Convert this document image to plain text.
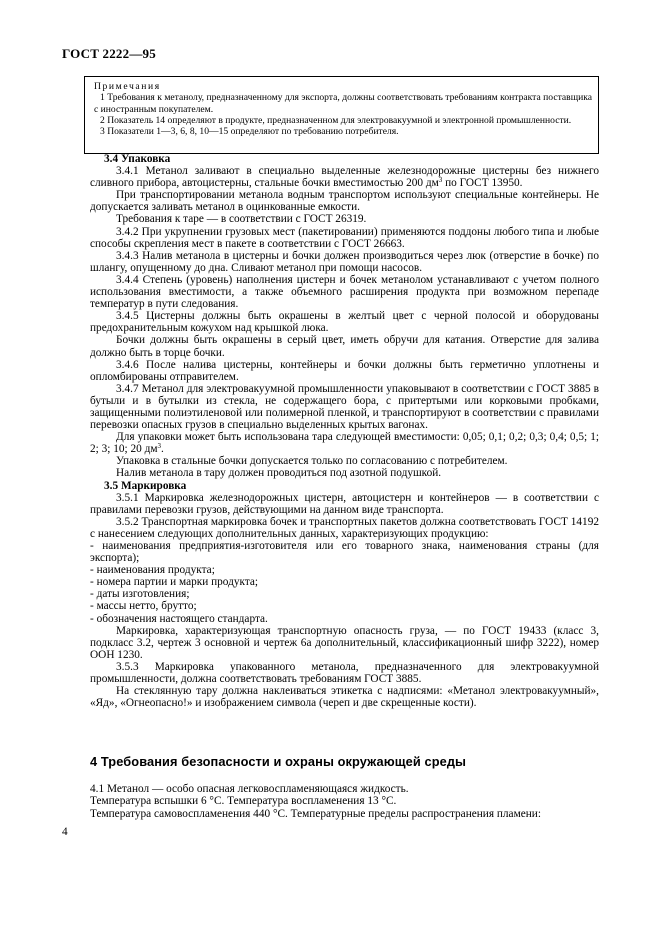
ГОСТ 2222—95
Примечания

1 Требования к метанолу, предназначенному для экспорта, должны соответствовать требованиям контракта поставщика с иностранным покупателем.

2 Показатель 14 определяют в продукте, предназначенном для электровакуумной и электронной промышленности.

3 Показатели 1—3, 6, 8, 10—15 определяют по требованию потребителя.

3.4 Упаковка

3.4.1 Метанол заливают в специально выделенные железнодорожные цистерны без нижнего сливного прибора, автоцистерны, стальные бочки вместимостью 200 $дм^3$ по ГОСТ 13950.

При транспортировании метанола водным транспортом используют специальные контейнеры. Не допускается заливать метанол в оцинкованные емкости.

Требования к таре — в соответствии с ГОСТ 26319.

3.4.2 При укрупнении грузовых мест (пакетировании) применяются поддоны любого типа и любые способы скрепления мест в пакете в соответствии с ГОСТ 26663.

3.4.3 Налив метанола в цистерны и бочки должен производиться через люк (отверстие в бочке) по шлангу, опущенному до дна. Сливают метанол при помощи насосов.

3.4.4 Степень (уровень) наполнения цистерн и бочек метанолом устанавливают с учетом полного использования вместимости, а также объемного расширения продукта при возможном перепаде температур в пути следования.

3.4.5 Цистерны должны быть окрашены в желтый цвет с черной полосой и оборудованы предохранительным кожухом над крышкой люка.

Бочки должны быть окрашены в серый цвет, иметь обручи для катания. Отверстие для залива должно быть в торце бочки.

3.4.6 После налива цистерны, контейнеры и бочки должны быть герметично уплотнены и опломбированы отправителем.

3.4.7 Метанол для электровакуумной промышленности упаковывают в соответствии с ГОСТ 3885 в бутыли и в бутылки из стекла, не содержащего бора, с притертыми или корковыми пробками, защищенными полиэтиленовой или полимерной пленкой, и транспортируют в соответствии с правилами перевозки опасных грузов в специально выделенных крытых вагонах.

Для упаковки может быть использована тара следующей вместимости: 0,05; 0,1; 0,2; 0,3; 0,4; 0,5; 1; 2; 3; 10; 20 $дм^3$.

Упаковка в стальные бочки допускается только по согласованию с потребителем.

Налив метанола в тару должен проводиться под азотной подушкой.

3.5 Маркировка

3.5.1 Маркировка железнодорожных цистерн, автоцистерн и контейнеров — в соответствии с правилами перевозки грузов, действующими на данном виде транспорта.

3.5.2 Транспортная маркировка бочек и транспортных пакетов должна соответствовать ГОСТ 14192 с нанесением следующих дополнительных данных, характеризующих продукцию:

- наименования предприятия-изготовителя или его товарного знака, наименования страны (для экспорта);

- наименования продукта;

- номера партии и марки продукта;

- даты изготовления;

- массы нетто, брутто;

- обозначения настоящего стандарта.

Маркировка, характеризующая транспортную опасность груза, — по ГОСТ 19433 (класс 3, подкласс 3.2, чертеж 3 основной и чертеж 6а дополнительный, классификационный шифр 3222), номер ООН 1230.

3.5.3 Маркировка упакованного метанола, предназначенного для электровакуумной промышленности, должна соответствовать требованиям ГОСТ 3885.

На стеклянную тару должна наклеиваться этикетка с надписями: «Метанол электровакуумный», «Яд», «Огнеопасно!» и изображением символа (череп и две скрещенные кости).

4 Требования безопасности и охраны окружающей среды

4.1 Метанол — особо опасная легковоспламеняющаяся жидкость.

Температура вспышки 6 °С. Температура воспламенения 13 °С.

Температура самовоспламенения 440 °С. Температурные пределы распространения пламени:

4
